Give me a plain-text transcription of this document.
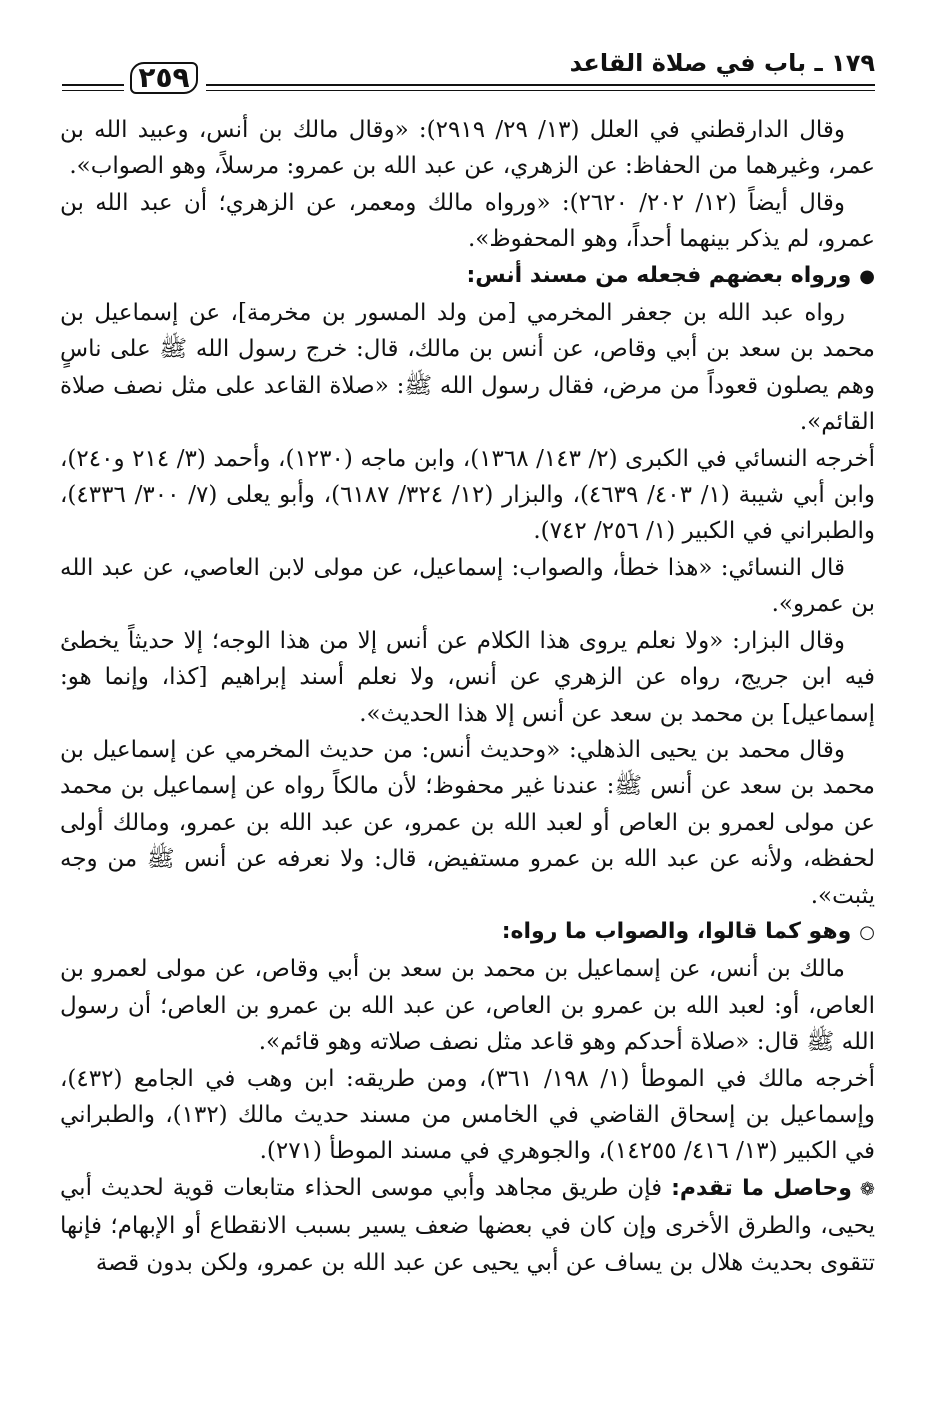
١٧٩ ـ باب في صلاة القاعد
٢٥٩

وقال الدارقطني في العلل (١٣/ ٢٩/ ٢٩١٩): «وقال مالك بن أنس، وعبيد الله بن عمر، وغيرهما من الحفاظ: عن الزهري، عن عبد الله بن عمرو: مرسلاً، وهو الصواب».

وقال أيضاً (١٢/ ٢٠٢/ ٢٦٢٠): «ورواه مالك ومعمر، عن الزهري؛ أن عبد الله بن عمرو، لم يذكر بينهما أحداً، وهو المحفوظ».

●ورواه بعضهم فجعله من مسند أنس:

رواه عبد الله بن جعفر المخرمي [من ولد المسور بن مخرمة]، عن إسماعيل بن محمد بن سعد بن أبي وقاص، عن أنس بن مالك، قال: خرج رسول الله ﷺ على ناسٍ وهم يصلون قعوداً من مرض، فقال رسول الله ﷺ: «صلاة القاعد على مثل نصف صلاة القائم».

أخرجه النسائي في الكبرى (٢/ ١٤٣/ ١٣٦٨)، وابن ماجه (١٢٣٠)، وأحمد (٣/ ٢١٤ و٢٤٠)، وابن أبي شيبة (١/ ٤٠٣/ ٤٦٣٩)، والبزار (١٢/ ٣٢٤/ ٦١٨٧)، وأبو يعلى (٧/ ٣٠٠/ ٤٣٣٦)، والطبراني في الكبير (١/ ٢٥٦/ ٧٤٢).

قال النسائي: «هذا خطأ، والصواب: إسماعيل، عن مولى لابن العاصي، عن عبد الله بن عمرو».

وقال البزار: «ولا نعلم يروى هذا الكلام عن أنس إلا من هذا الوجه؛ إلا حديثاً يخطئ فيه ابن جريج، رواه عن الزهري عن أنس، ولا نعلم أسند إبراهيم [كذا، وإنما هو: إسماعيل] بن محمد بن سعد عن أنس إلا هذا الحديث».

وقال محمد بن يحيى الذهلي: «وحديث أنس: من حديث المخرمي عن إسماعيل بن محمد بن سعد عن أنس ﷺ: عندنا غير محفوظ؛ لأن مالكاً رواه عن إسماعيل بن محمد عن مولى لعمرو بن العاص أو لعبد الله بن عمرو، عن عبد الله بن عمرو، ومالك أولى لحفظه، ولأنه عن عبد الله بن عمرو مستفيض، قال: ولا نعرفه عن أنس ﷺ من وجه يثبت».

○وهو كما قالوا، والصواب ما رواه:

مالك بن أنس، عن إسماعيل بن محمد بن سعد بن أبي وقاص، عن مولى لعمرو بن العاص، أو: لعبد الله بن عمرو بن العاص، عن عبد الله بن عمرو بن العاص؛ أن رسول الله ﷺ قال: «صلاة أحدكم وهو قاعد مثل نصف صلاته وهو قائم».

أخرجه مالك في الموطأ (١/ ١٩٨/ ٣٦١)، ومن طريقه: ابن وهب في الجامع (٤٣٢)، وإسماعيل بن إسحاق القاضي في الخامس من مسند حديث مالك (١٣٢)، والطبراني في الكبير (١٣/ ٤١٦/ ١٤٢٥٥)، والجوهري في مسند الموطأ (٢٧١).

❁وحاصل ما تقدم: فإن طريق مجاهد وأبي موسى الحذاء متابعات قوية لحديث أبي يحيى، والطرق الأخرى وإن كان في بعضها ضعف يسير بسبب الانقطاع أو الإبهام؛ فإنها تتقوى بحديث هلال بن يساف عن أبي يحيى عن عبد الله بن عمرو، ولكن بدون قصة
